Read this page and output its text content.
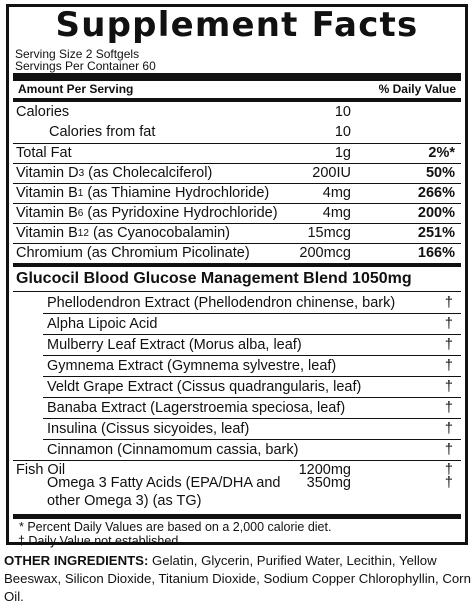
Supplement Facts
Serving Size 2 Softgels
Servings Per Container 60
Amount Per Serving	% Daily Value
Calories	10
Calories from fat	10
Total Fat	1g	2%*
Vitamin $D_3$ (as Cholecalciferol)	200IU	50%
Vitamin $B_1$ (as Thiamine Hydrochloride)	4mg	266%
Vitamin $B_6$ (as Pyridoxine Hydrochloride)	4mg	200%
Vitamin $B_{12}$ (as Cyanocobalamin)	15mcg	251%
Chromium (as Chromium Picolinate)	200mcg	166%
Glucocil Blood Glucose Management Blend 1050mg
Phellodendron Extract (Phellodendron chinense, bark)	†
Alpha Lipoic Acid	†
Mulberry Leaf Extract (Morus alba, leaf)	†
Gymnema Extract (Gymnema sylvestre, leaf)	†
Veldt Grape Extract (Cissus quadrangularis, leaf)	†
Banaba Extract (Lagerstroemia speciosa, leaf)	†
Insulina (Cissus sicyoides, leaf)	†
Cinnamon (Cinnamomum cassia, bark)	†
Fish Oil	1200mg	†
Omega 3 Fatty Acids (EPA/DHA and
other Omega 3) (as TG)
350mg	†
* Percent Daily Values are based on a 2,000 calorie diet.
† Daily Value not established.
OTHER INGREDIENTS: Gelatin, Glycerin, Purified Water, Lecithin, Yellow Beeswax, Silicon Dioxide, Titanium Dioxide, Sodium Copper Chlorophyllin, Corn Oil.
